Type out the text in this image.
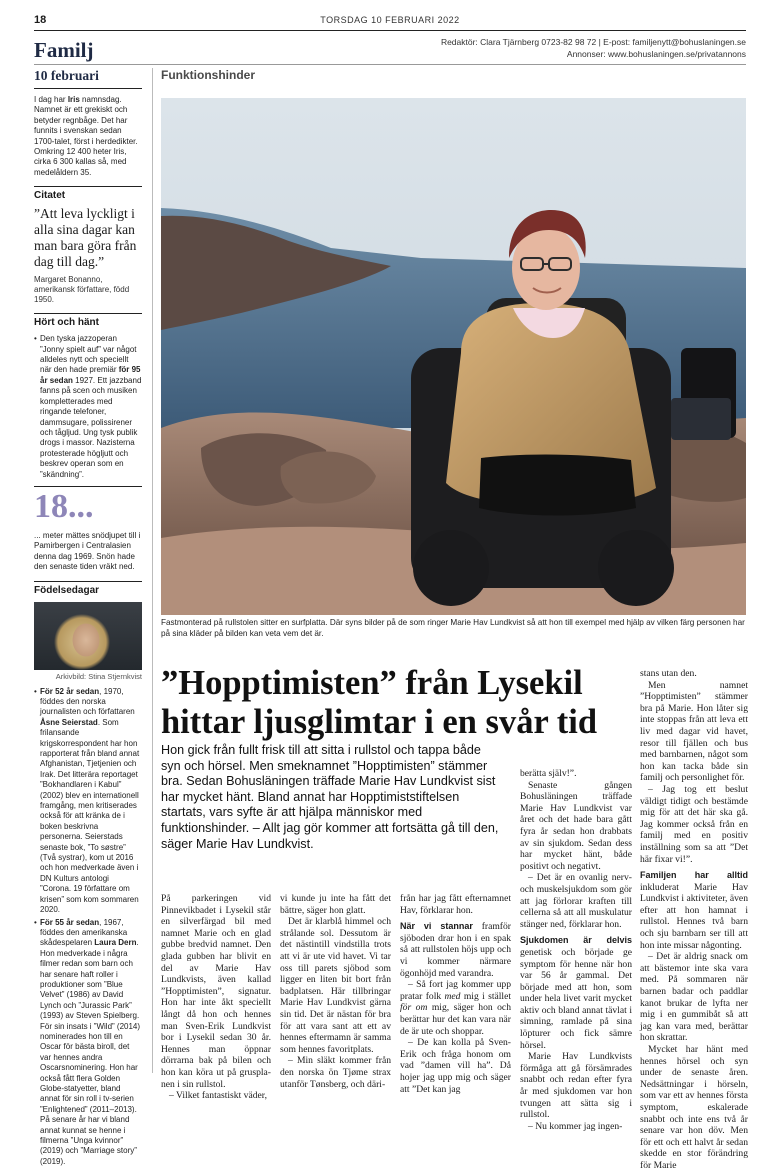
18	TORSDAG 10 FEBRUARI 2022
Familj	Redaktör: Clara Tjärnberg 0723-82 98 72 | E-post: familjenytt@bohuslaningen.se
Annonser: www.bohuslaningen.se/privatannons
10 februari
I dag har Iris namnsdag. Namnet är ett grekiskt och betyder regnbåge. Det har funnits i svenskan sedan 1700-talet, först i herdedikter. Omkring 12 400 heter Iris, cirka 6 300 kallas så, med medelåldern 35.
Citatet
”Att leva lyckligt i alla sina dagar kan man bara göra från dag till dag.”
Margaret Bonanno, amerikansk författare, född 1950.
Hört och hänt
• Den tyska jazzoperan ”Jonny spielt auf” var något alldeles nytt och speciellt när den hade premiär för 95 år sedan 1927. Ett jazzband fanns på scen och musiken kompletterades med ringande telefoner, dammsugare, polissirener och tågljud. Ung tysk publik drogs i massor. Nazisterna protesterade högljutt och beskrev operan som en ”skändning”.
18...
... meter mättes snödjupet till i Pamirbergen i Centralasien denna dag 1969. Snön hade den senaste tiden vräkt ned.
Födelsedagar
Arkivbild: Stina Stjernkvist
• För 52 år sedan, 1970, föddes den norska journalisten och författaren Åsne Seierstad. Som frilansande krigskorrespondent har hon rapporterat från bland annat Afghanistan, Tjetjenien och Irak. Det litterära reportaget ”Bokhandlaren i Kabul” (2002) blev en internationell framgång, men kritiserades också för att kränka de i boken beskrivna personerna. Seierstads senaste bok, ”To søstre” (Två systrar), kom ut 2016 och hon medverkade även i DN Kulturs antologi ”Corona. 19 författare om krisen” som kom sommaren 2020.
• För 55 år sedan, 1967, föddes den amerikanska skådespelaren Laura Dern. Hon medverkade i några filmer redan som barn och har senare haft roller i produktioner som ”Blue Velvet” (1986) av David Lynch och ”Jurassic Park” (1993) av Steven Spielberg. För sin insats i ”Wild” (2014) nominerades hon till en Oscar för bästa biroll, det var hennes andra Oscarsnominering. Hon har också fått flera Golden Globe-statyetter, bland annat för sin roll i tv-serien ”Enlightened” (2011–2013). På senare år har vi bland annat kunnat se henne i filmerna ”Unga kvinnor” (2019) och ”Marriage story” (2019).
Funktionshinder
Fastmonterad på rullstolen sitter en surfplatta. Där syns bilder på de som ringer Marie Hav Lundkvist så att hon till exempel med hjälp av vilken färg personen har på sina kläder på bilden kan veta vem det är.
”Hopptimisten” från Lysekil hittar ljusglimtar i en svår tid
Hon gick från fullt frisk till att sitta i rullstol och tappa både syn och hörsel. Men smeknamnet ”Hopptimisten” stämmer bra. Sedan Bohusläningen träffade Marie Hav Lundkvist sist har mycket hänt. Bland annat har Hopptimiststiftelsen startats, vars syfte är att hjälpa människor med funktionshinder. – Allt jag gör kommer att fortsätta gå till den, säger Marie Hav Lundkvist.

På parkeringen vid Pinnevikbadet i Lysekil står en silverfärgad bil med namnet Marie och en glad gubbe bredvid namnet. Den glada gubben har blivit en del av Marie Hav Lundkvists, även kallad ”Hopptimisten”, signatur. Hon har inte åkt speciellt långt då hon och hennes man Sven-Erik Lundkvist bor i Lysekil sedan 30 år. Hennes man öppnar dörrarna bak på bilen och hon kan köra ut på grusplanen i sin rullstol.

– Vilket fantastiskt väder,

vi kunde ju inte ha fått det bättre, säger hon glatt.

Det är klarblå himmel och strålande sol. Dessutom är det nästintill vindstilla trots att vi är ute vid havet. Vi tar oss till parets sjöbod som ligger en liten bit bort från badplatsen. Här tillbringar Marie Hav Lundkvist gärna sin tid. Det är nästan för bra för att vara sant att ett av hennes eftermamn är samma som hennes favoritplats.

– Min släkt kommer från den norska ön Tjøme strax utanför Tønsberg, och däri-

från har jag fått efternamnet Hav, förklarar hon.

När vi stannar framför sjöboden drar hon i en spak så att rullstolen höjs upp och vi kommer närmare ögonhöjd med varandra.

– Så fort jag kommer upp pratar folk med mig i stället för om mig, säger hon och berättar hur det kan vara när de är ute och shoppar.

– De kan kolla på Sven-Erik och fråga honom om vad ”damen vill ha”. Då hojer jag upp mig och säger att ”Det kan jag

berätta själv!”.

Senaste gången Bohusläningen träffade Marie Hav Lundkvist var året och det hade bara gått fyra år sedan hon drabbats av sin sjukdom. Sedan dess har mycket hänt, både positivt och negativt.

– Det är en ovanlig nerv- och muskelsjukdom som gör att jag förlorar kraften till cellerna så att all muskulatur stänger ned, förklarar hon.

Sjukdomen är delvis genetisk och började ge symptom för henne när hon var 56 år gammal. Det började med att hon, som under hela livet varit mycket aktiv och bland annat tävlat i simning, ramlade på sina löpturer och fick sämre hörsel.

Marie Hav Lundkvists förmåga att gå försämrades snabbt och redan efter fyra år med sjukdomen var hon tvungen att sätta sig i rullstol.

– Nu kommer jag ingen-

stans utan den.

Men namnet ”Hopptimisten” stämmer bra på Marie. Hon låter sig inte stoppas från att leva ett liv med dagar vid havet, resor till fjällen och bus med barnbarnen, något som hon kan tacka både sin familj och personlighet för.

– Jag tog ett beslut väldigt tidigt och bestämde mig för att det här ska gå. Jag kommer också från en familj med en positiv inställning som sa att ”Det här fixar vi!”.

Familjen har alltid inkluderat Marie Hav Lundkvist i aktiviteter, även efter att hon hamnat i rullstol. Hennes två barn och sju barnbarn ser till att hon inte missar någonting.

– Det är aldrig snack om att bästemor inte ska vara med. På sommaren när barnen badar och paddlar kanot brukar de lyfta ner mig i en gummibåt så att jag kan vara med, berättar hon skrattar.

Mycket har hänt med hennes hörsel och syn under de senaste åren. Nedsättningar i hörseln, som var ett av hennes första symptom, eskalerade snabbt och inte ens två år senare var hon döv. Men för ett och ett halvt år sedan skedde en stor förändring för Marie
